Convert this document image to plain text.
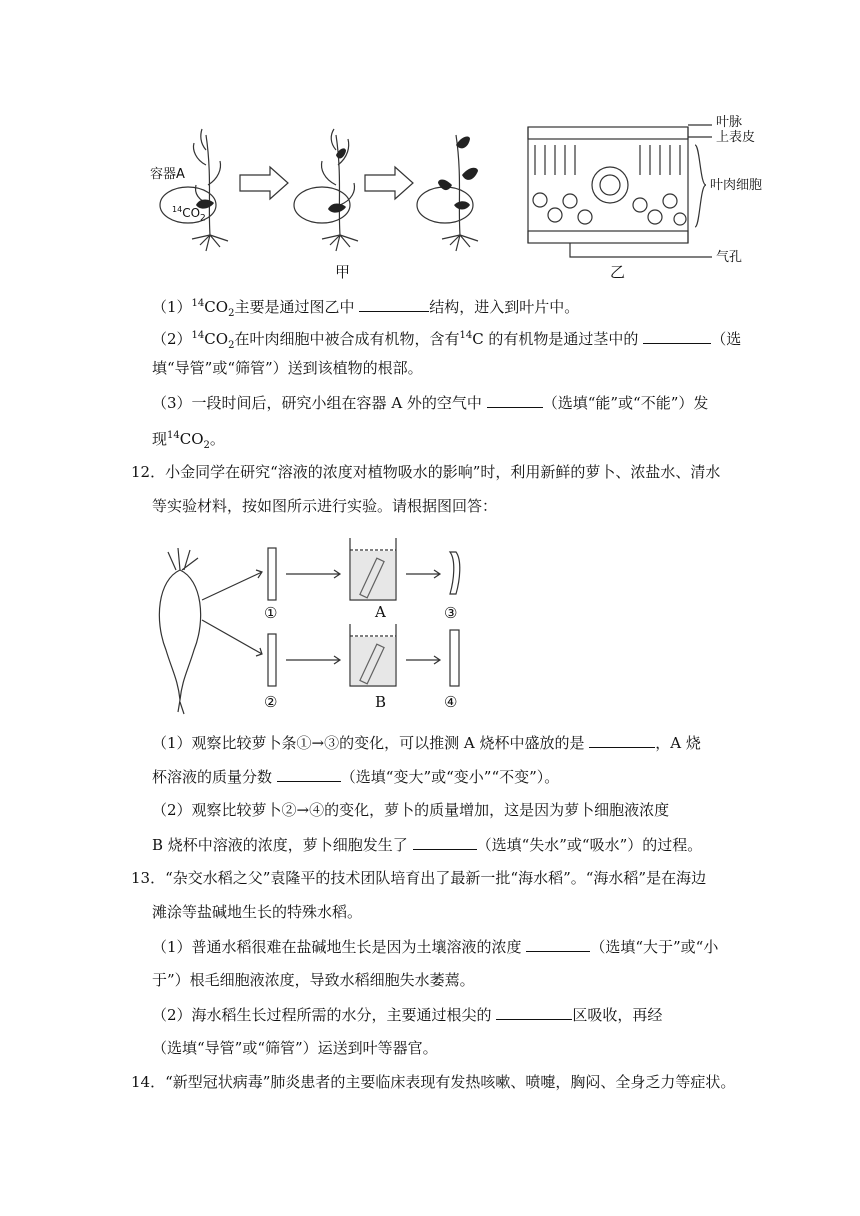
容器A
$^{14}CO_2$
叶脉
上表皮
叶肉细胞
气孔
甲	乙
$(1)^{14}CO_2$主要是通过图乙中	结构，进入到叶片中。
$(2)^{14}CO_2$在叶肉细胞中被合成有机物，含有$^{14}$C 的有机物是通过茎中的	（选
填“导管”或“筛管”）送到该植物的根部。
（3）一段时间后，研究小组在容器 A 外的空气中	（选填“能”或“不能”）发
现$^{14}CO_2$。
12．小金同学在研究“溶液的浓度对植物吸水的影响”时，利用新鲜的萝卜、浓盐水、清水
等实验材料，按如图所示进行实验。请根据图回答：
①	③
A
②	④
B
（1）观察比较萝卜条①→③的变化，可以推测 A 烧杯中盛放的是	，A 烧
杯溶液的质量分数	（选填“变大”或“变小”“不变”）。
（2）观察比较萝卜②→④的变化，萝卜的质量增加，这是因为萝卜细胞液浓度
B 烧杯中溶液的浓度，萝卜细胞发生了	（选填“失水”或“吸水”）的过程。
13．“杂交水稻之父”袁隆平的技术团队培育出了最新一批“海水稻”。“海水稻”是在海边
滩涂等盐碱地生长的特殊水稻。
（1）普通水稻很难在盐碱地生长是因为土壤溶液的浓度	（选填“大于”或“小
于”）根毛细胞液浓度，导致水稻细胞失水萎蔫。
（2）海水稻生长过程所需的水分，主要通过根尖的	区吸收，再经
（选填“导管”或“筛管”）运送到叶等器官。
14．“新型冠状病毒”肺炎患者的主要临床表现有发热咳嗽、喷嚏，胸闷、全身乏力等症状。
